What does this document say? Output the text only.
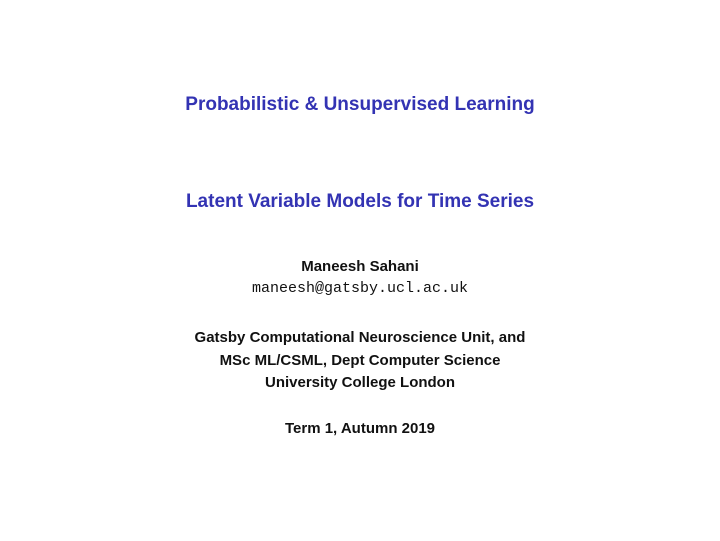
Probabilistic & Unsupervised Learning
Latent Variable Models for Time Series
Maneesh Sahani
maneesh@gatsby.ucl.ac.uk
Gatsby Computational Neuroscience Unit, and
MSc ML/CSML, Dept Computer Science
University College London
Term 1, Autumn 2019
